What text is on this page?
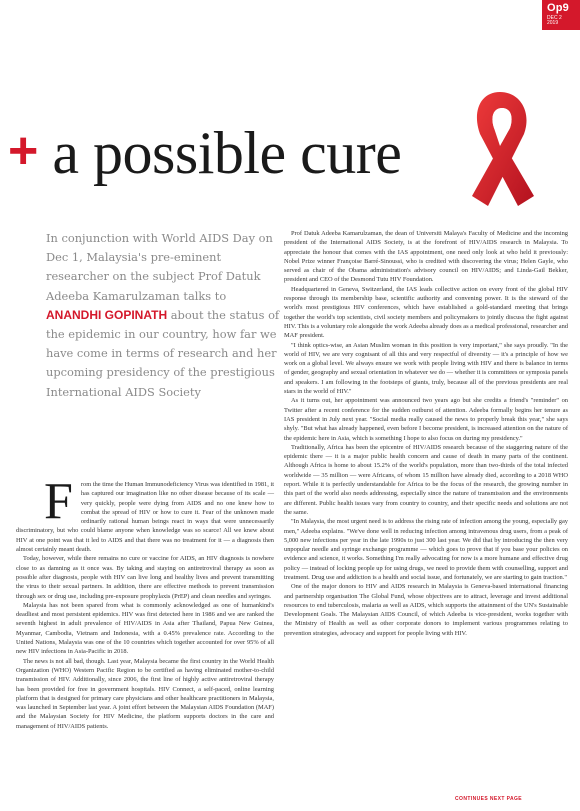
Op9
DEC 2
2019
+ a possible cure
In conjunction with World AIDS Day on Dec 1, Malaysia's pre-eminent researcher on the subject Prof Datuk Adeeba Kamarulzaman talks to ANANDHI GOPINATH about the status of the epidemic in our country, how far we have come in terms of research and her upcoming presidency of the prestigious International AIDS Society

F rom the time the Human Immunodeficiency Virus was identified in 1981, it has captured our imagination like no other disease because of its scale — very quickly, people were dying from AIDS and no one knew how to combat the spread of HIV or how to cure it. Fear of the unknown made ordinarily rational human beings react in ways that were unnecessarily discriminatory, but who could blame anyone when knowledge was so scarce! All we knew about HIV at one point was that it led to AIDS and that there was no treatment for it — a diagnosis then almost certainly meant death.

Today, however, while there remains no cure or vaccine for AIDS, an HIV diagnosis is nowhere close to as damning as it once was. By taking and staying on antiretroviral therapy as soon as possible after diagnosis, people with HIV can live long and healthy lives and prevent transmitting the virus to their sexual partners. In addition, there are effective methods to prevent transmission through sex or drug use, including pre-exposure prophylaxis (PrEP) and clean needles and syringes.

Malaysia has not been spared from what is commonly acknowledged as one of humankind's deadliest and most persistent epidemics. HIV was first detected here in 1986 and we are ranked the seventh highest in adult prevalence of HIV/AIDS in Asia after Thailand, Papua New Guinea, Myanmar, Cambodia, Vietnam and Indonesia, with a 0.45% prevalence rate. According to the United Nations, Malaysia was one of the 10 countries which together accounted for over 95% of all new HIV infections in Asia-Pacific in 2018.

The news is not all bad, though. Last year, Malaysia became the first country in the World Health Organization (WHO) Western Pacific Region to be certified as having eliminated mother-to-child transmission of HIV. Additionally, since 2006, the first line of highly active antiretroviral therapy has been provided for free in government hospitals. HIV Connect, a self-paced, online learning platform that is designed for primary care physicians and other healthcare practitioners in Malaysia, was launched in September last year. A joint effort between the Malaysian AIDS Foundation (MAF) and the Malaysian Society for HIV Medicine, the platform supports doctors in the care and management of HIV/AIDS patients.

Prof Datuk Adeeba Kamarulzaman, the dean of Universiti Malaya's Faculty of Medicine and the incoming president of the International AIDS Society, is at the forefront of HIV/AIDS research in Malaysia. To appreciate the honour that comes with the IAS appointment, one need only look at who held it previously: Nobel Prize winner Françoise Barré-Sinoussi, who is credited with discovering the virus; Helen Gayle, who served as chair of the Obama administration's advisory council on HIV/AIDS; and Linda-Gail Bekker, president and CEO of the Desmond Tutu HIV Foundation.

Headquartered in Geneva, Switzerland, the IAS leads collective action on every front of the global HIV response through its membership base, scientific authority and convening power. It is the steward of the world's most prestigious HIV conferences, which have established a gold-standard meeting that brings together the world's top scientists, civil society members and policymakers to jointly discuss the fight against HIV. This is a voluntary role alongside the work Adeeba already does as a medical professional, researcher and MAF president.

"I think optics-wise, an Asian Muslim woman in this position is very important," she says proudly. "In the world of HIV, we are very cognisant of all this and very respectful of diversity — it's a principle of how we work on a global level. We always ensure we work with people living with HIV and there is balance in terms of gender, geography and sexual orientation in whatever we do — whether it is committees or symposia panels and speakers. I am following in the footsteps of giants, truly, because all of the previous presidents are real stars in the world of HIV."

As it turns out, her appointment was announced two years ago but she credits a friend's "reminder" on Twitter after a recent conference for the sudden outburst of attention. Adeeba formally begins her tenure as IAS president in July next year. "Social media really caused the news to properly break this year," she says shyly. "But what has already happened, even before I become president, is increased attention on the nature of the epidemic here in Asia, which is something I hope to also focus on during my presidency."

Traditionally, Africa has been the epicentre of HIV/AIDS research because of the staggering nature of the epidemic there — it is a major public health concern and cause of death in many parts of the continent. Although Africa is home to about 15.2% of the world's population, more than two-thirds of the total infected worldwide — 35 million — were Africans, of whom 15 million have already died, according to a 2018 WHO report. While it is perfectly understandable for Africa to be the focus of the research, the growing number in this part of the world also needs addressing, especially since the nature of transmission and the environments are different. Public health issues vary from country to country, and their specific needs and solutions are not the same.

"In Malaysia, the most urgent need is to address the rising rate of infection among the young, especially gay men," Adeeba explains. "We've done well in reducing infection among intravenous drug users, from a peak of 5,000 new infections per year in the late 1990s to just 300 last year. We did that by introducing the then very unpopular needle and syringe exchange programme — which goes to prove that if you base your policies on evidence and science, it works. Something I'm really advocating for now is a more humane and effective drug policy — instead of locking people up for using drugs, we need to provide them with counselling, support and treatment. Drug use and addiction is a health and social issue, and fortunately, we are starting to gain traction."

One of the major donors to HIV and AIDS research in Malaysia is Geneva-based international financing and partnership organisation The Global Fund, whose objectives are to attract, leverage and invest additional resources to end tuberculosis, malaria as well as AIDS, which supports the attainment of the UN's Sustainable Development Goals. The Malaysian AIDS Council, of which Adeeba is vice-president, works together with the Ministry of Health as well as other corporate donors to implement various programmes relating to prevention strategies, advocacy and support for people living with HIV.

CONTINUES NEXT PAGE
